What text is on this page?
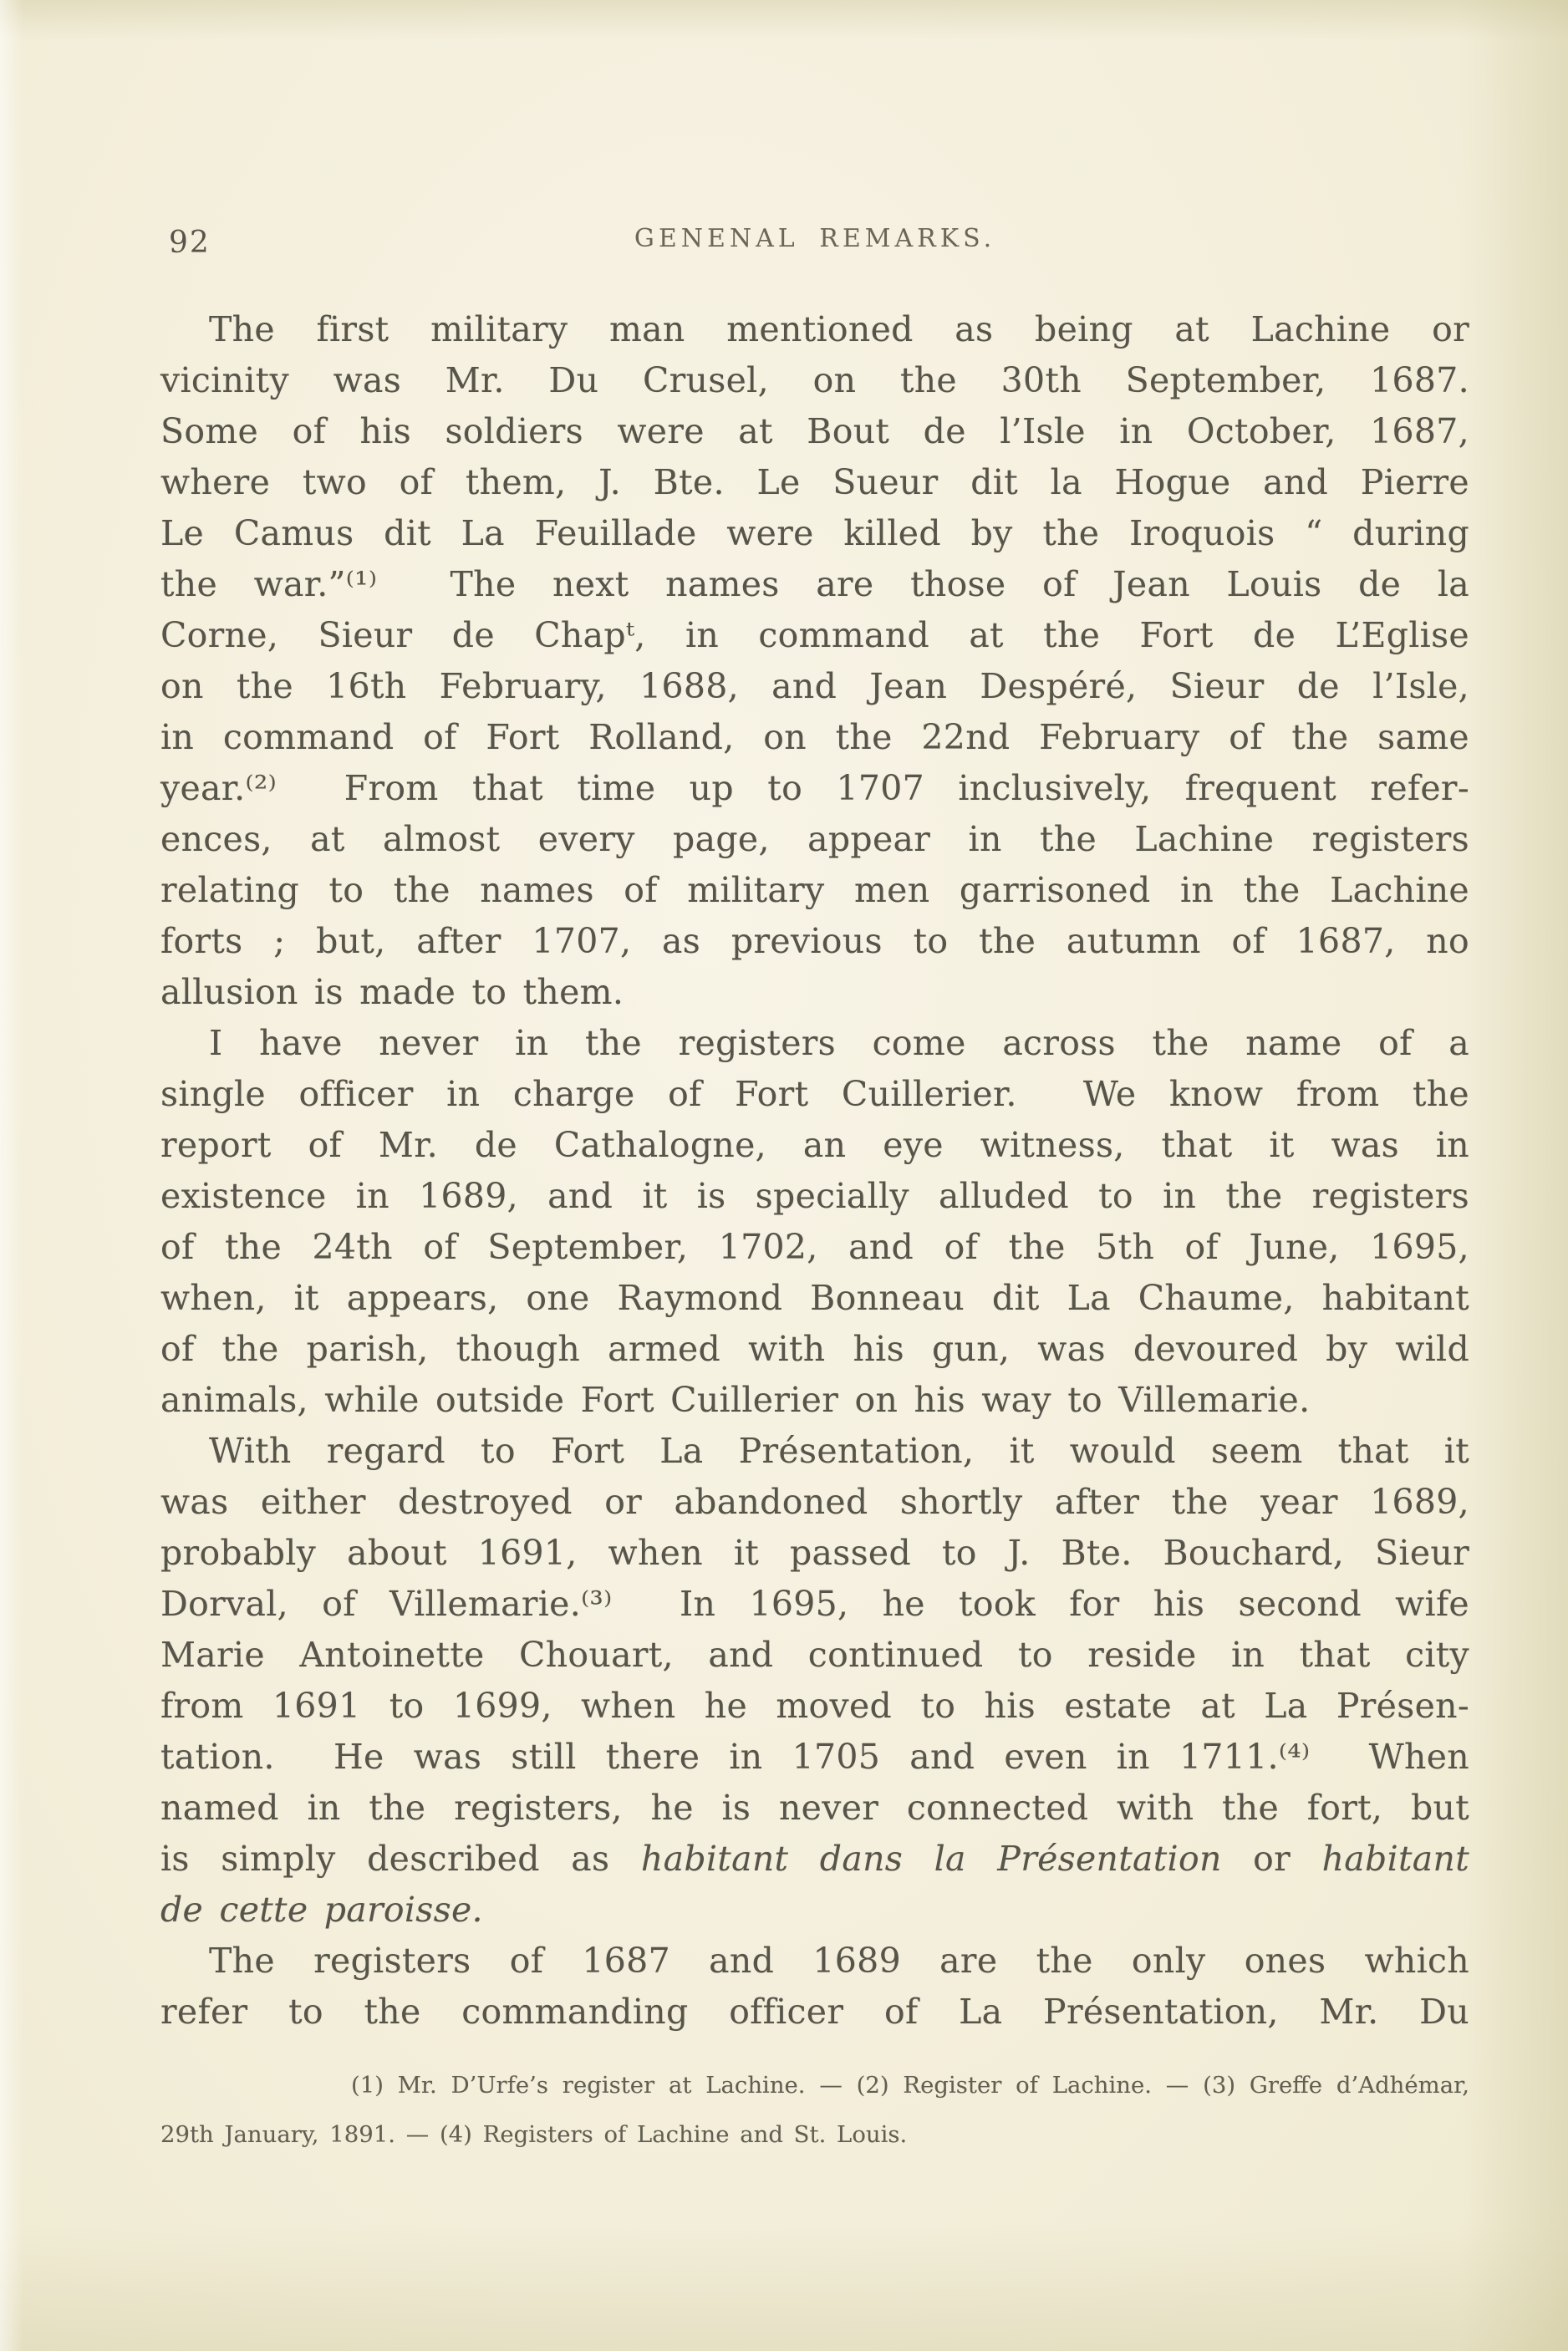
92	GENENAL REMARKS.
The first military man mentioned as being at Lachine or
vicinity was Mr. Du Crusel, on the 30th September, 1687.
Some of his soldiers were at Bout de l’Isle in October, 1687,
where two of them, J. Bte. Le Sueur dit la Hogue and Pierre
Le Camus dit La Feuillade were killed by the Iroquois “ during
the war.”⁽¹⁾  The next names are those of Jean Louis de la
Corne, Sieur de Chapᵗ, in command at the Fort de L’Eglise
on the 16th February, 1688, and Jean Despéré, Sieur de l’Isle,
in command of Fort Rolland, on the 22nd February of the same
year.⁽²⁾  From that time up to 1707 inclusively, frequent refer-
ences, at almost every page, appear in the Lachine registers
relating to the names of military men garrisoned in the Lachine
forts ; but, after 1707, as previous to the autumn of 1687, no
allusion is made to them.
I have never in the registers come across the name of a
single officer in charge of Fort Cuillerier.  We know from the
report of Mr. de Cathalogne, an eye witness, that it was in
existence in 1689, and it is specially alluded to in the registers
of the 24th of September, 1702, and of the 5th of June, 1695,
when, it appears, one Raymond Bonneau dit La Chaume, habitant
of the parish, though armed with his gun, was devoured by wild
animals, while outside Fort Cuillerier on his way to Villemarie.
With regard to Fort La Présentation, it would seem that it
was either destroyed or abandoned shortly after the year 1689,
probably about 1691, when it passed to J. Bte. Bouchard, Sieur
Dorval, of Villemarie.⁽³⁾  In 1695, he took for his second wife
Marie Antoinette Chouart, and continued to reside in that city
from 1691 to 1699, when he moved to his estate at La Présen-
tation.  He was still there in 1705 and even in 1711.⁽⁴⁾  When
named in the registers, he is never connected with the fort, but
is simply described as habitant dans la Présentation or habitant
de cette paroisse.
The registers of 1687 and 1689 are the only ones which
refer to the commanding officer of La Présentation, Mr. Du
(1) Mr. D’Urfe’s register at Lachine. — (2) Register of Lachine. — (3) Greffe d’Adhémar,
29th January, 1891. — (4) Registers of Lachine and St. Louis.
